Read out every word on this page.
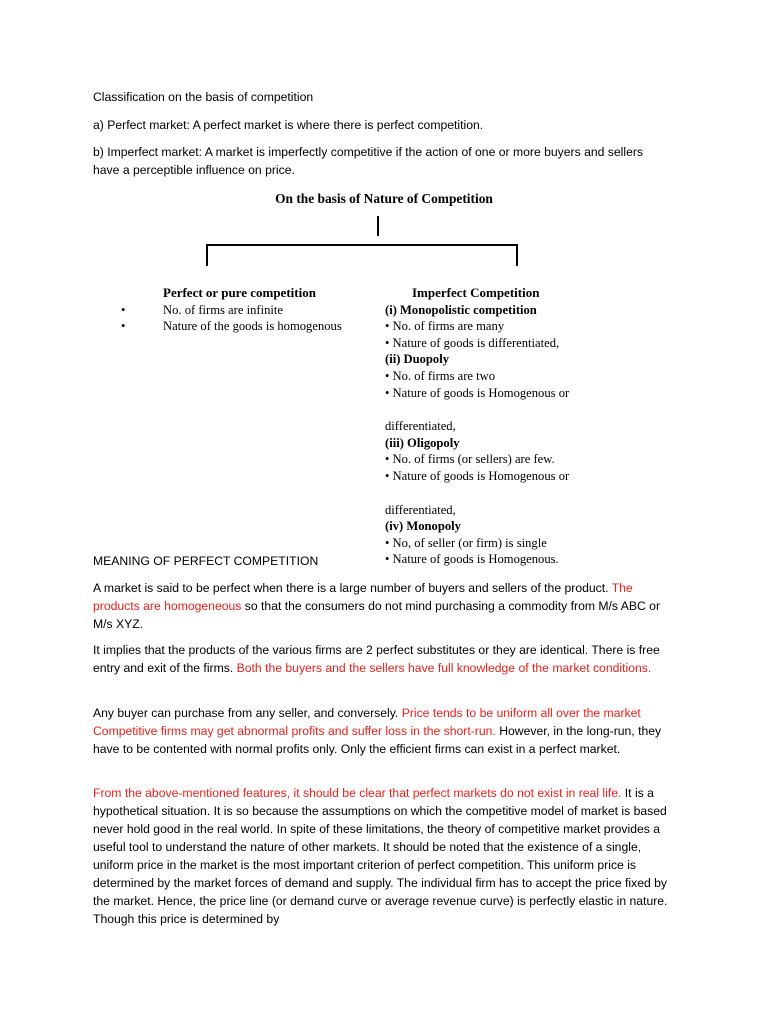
Classification on the basis of competition

a) Perfect market: A perfect market is where there is perfect competition.

b) Imperfect market: A market is imperfectly competitive if the action of one or more buyers and sellers have a perceptible influence on price.

On the basis of Nature of Competition
Perfect or pure competition
•	No. of firms are infinite
•	Nature of the goods is homogenous
Imperfect Competition
(i) Monopolistic competition
• No. of firms are many
• Nature of goods is differentiated,
(ii) Duopoly
• No. of firms are two
• Nature of goods is Homogenous or
differentiated,
(iii) Oligopoly
• No. of firms (or sellers) are few.
• Nature of goods is Homogenous or
differentiated,
(iv) Monopoly
• No, of seller (or firm) is single
• Nature of goods is Homogenous.

MEANING OF PERFECT COMPETITION

A market is said to be perfect when there is a large number of buyers and sellers of the product. The products are homogeneous so that the consumers do not mind purchasing a commodity from M/s ABC or M/s XYZ.

It implies that the products of the various firms are 2 perfect substitutes or they are identical. There is free entry and exit of the firms. Both the buyers and the sellers have full knowledge of the market conditions.

Any buyer can purchase from any seller, and conversely. Price tends to be uniform all over the market Competitive firms may get abnormal profits and suffer loss in the short-run. However, in the long-run, they have to be contented with normal profits only. Only the efficient firms can exist in a perfect market.

From the above-mentioned features, it should be clear that perfect markets do not exist in real life. It is a hypothetical situation. It is so because the assumptions on which the competitive model of market is based never hold good in the real world. In spite of these limitations, the theory of competitive market provides a useful tool to understand the nature of other markets. It should be noted that the existence of a single, uniform price in the market is the most important criterion of perfect competition. This uniform price is determined by the market forces of demand and supply. The individual firm has to accept the price fixed by the market. Hence, the price line (or demand curve or average revenue curve) is perfectly elastic in nature. Though this price is determined by
